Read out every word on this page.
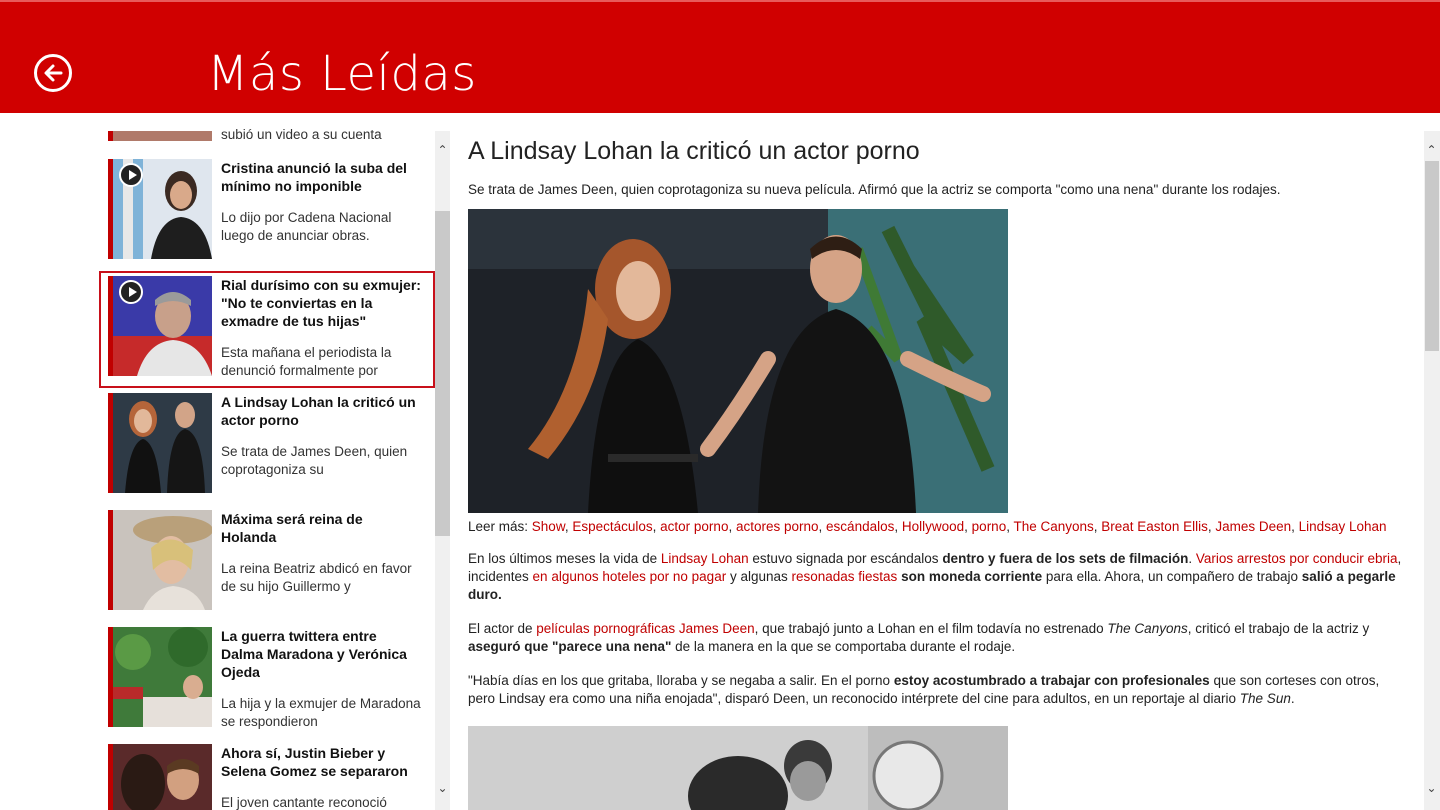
Más Leídas
subió un video a su cuenta
Cristina anunció la suba del mínimo no imponible
Lo dijo por Cadena Nacional luego de anunciar obras.
Rial durísimo con su exmujer: "No te conviertas en la exmadre de tus hijas"
Esta mañana el periodista la denunció formalmente por
A Lindsay Lohan la criticó un actor porno
Se trata de James Deen, quien coprotagoniza su
Máxima será reina de Holanda
La reina Beatriz abdicó en favor de su hijo Guillermo y
La guerra twittera entre Dalma Maradona y Verónica Ojeda
La hija y la exmujer de Maradona se respondieron
Ahora sí, Justin Bieber y Selena Gomez se separaron
El joven cantante reconoció
⌃
⌄
A Lindsay Lohan la criticó un actor porno

Se trata de James Deen, quien coprotagoniza su nueva película. Afirmó que la actriz se comporta "como una nena" durante los rodajes.

Leer más: Show, Espectáculos, actor porno, actores porno, escándalos, Hollywood, porno, The Canyons, Breat Easton Ellis, James Deen, Lindsay Lohan

En los últimos meses la vida de Lindsay Lohan estuvo signada por escándalos dentro y fuera de los sets de filmación. Varios arrestos por conducir ebria, incidentes en algunos hoteles por no pagar y algunas resonadas fiestas son moneda corriente para ella. Ahora, un compañero de trabajo salió a pegarle duro.

El actor de películas pornográficas James Deen, que trabajó junto a Lohan en el film todavía no estrenado The Canyons, criticó el trabajo de la actriz y aseguró que "parece una nena" de la manera en la que se comportaba durante el rodaje.

"Había días en los que gritaba, lloraba y se negaba a salir. En el porno estoy acostumbrado a trabajar con profesionales que son corteses con otros, pero Lindsay era como una niña enojada", disparó Deen, un reconocido intérprete del cine para adultos, en un reportaje al diario The Sun.

⌃
⌄
